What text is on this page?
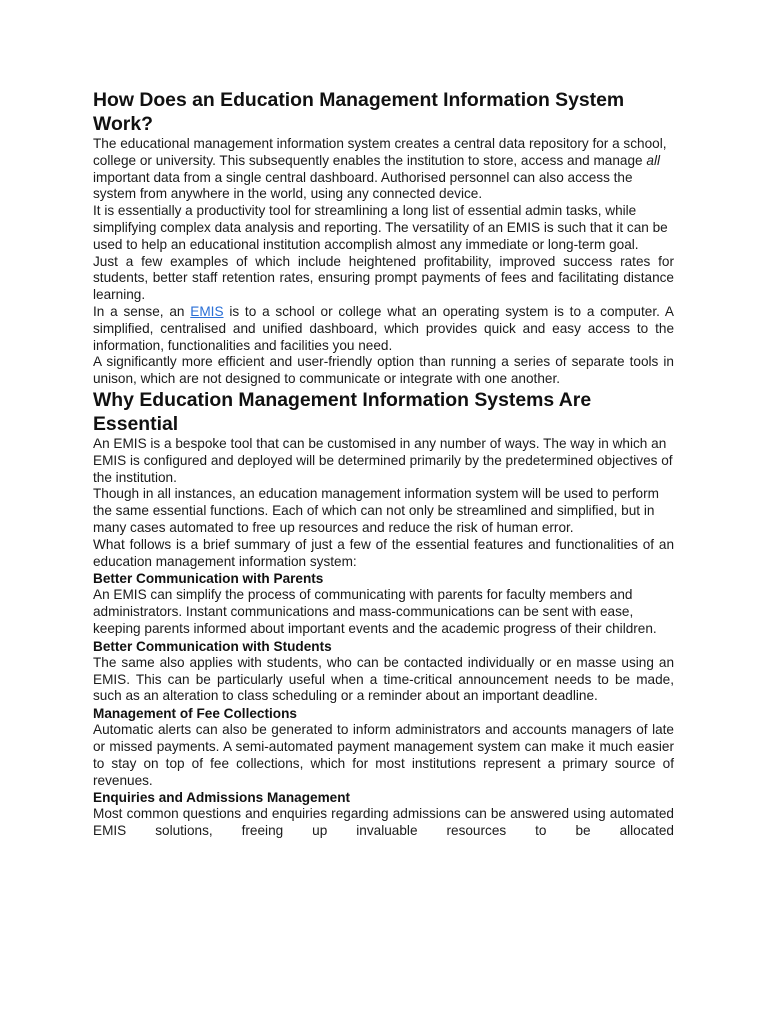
How Does an Education Management Information System Work?

The educational management information system creates a central data repository for a school, college or university. This subsequently enables the institution to store, access and manage all important data from a single central dashboard. Authorised personnel can also access the system from anywhere in the world, using any connected device.

It is essentially a productivity tool for streamlining a long list of essential admin tasks, while simplifying complex data analysis and reporting. The versatility of an EMIS is such that it can be used to help an educational institution accomplish almost any immediate or long-term goal.

Just a few examples of which include heightened profitability, improved success rates for students, better staff retention rates, ensuring prompt payments of fees and facilitating distance learning.

In a sense, an EMIS is to a school or college what an operating system is to a computer. A simplified, centralised and unified dashboard, which provides quick and easy access to the information, functionalities and facilities you need.

A significantly more efficient and user-friendly option than running a series of separate tools in unison, which are not designed to communicate or integrate with one another.

Why Education Management Information Systems Are Essential

An EMIS is a bespoke tool that can be customised in any number of ways. The way in which an EMIS is configured and deployed will be determined primarily by the predetermined objectives of the institution.

Though in all instances, an education management information system will be used to perform the same essential functions. Each of which can not only be streamlined and simplified, but in many cases automated to free up resources and reduce the risk of human error.

What follows is a brief summary of just a few of the essential features and functionalities of an education management information system:

Better Communication with Parents

An EMIS can simplify the process of communicating with parents for faculty members and administrators. Instant communications and mass-communications can be sent with ease, keeping parents informed about important events and the academic progress of their children.

Better Communication with Students

The same also applies with students, who can be contacted individually or en masse using an EMIS. This can be particularly useful when a time-critical announcement needs to be made, such as an alteration to class scheduling or a reminder about an important deadline.

Management of Fee Collections

Automatic alerts can also be generated to inform administrators and accounts managers of late or missed payments. A semi-automated payment management system can make it much easier to stay on top of fee collections, which for most institutions represent a primary source of revenues.

Enquiries and Admissions Management

Most common questions and enquiries regarding admissions can be answered using automated EMIS solutions, freeing up invaluable resources to be allocated
